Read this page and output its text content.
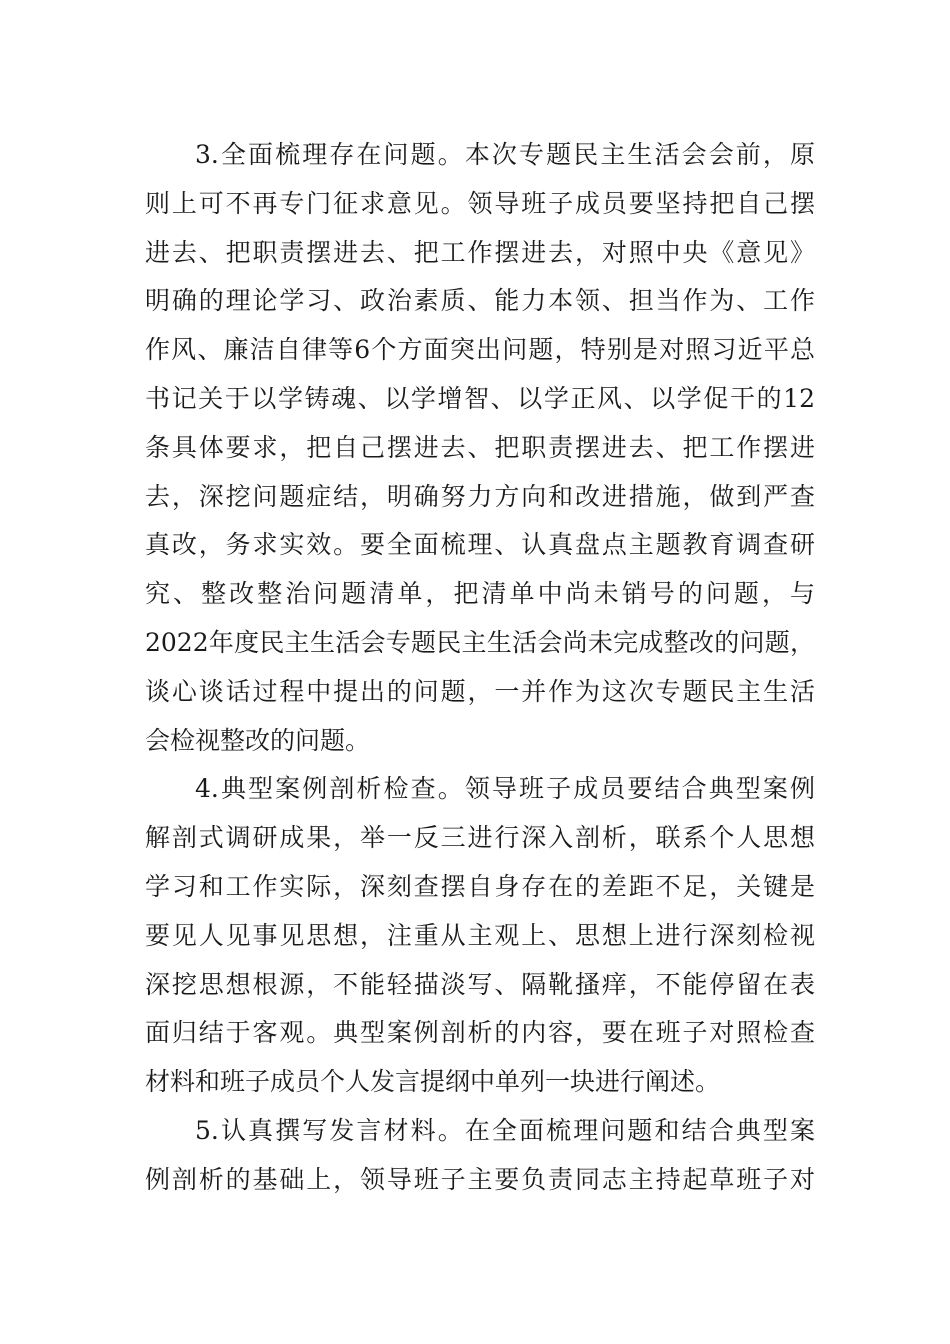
3.全面梳理存在问题。本次专题民主生活会会前，原
则上可不再专门征求意见。领导班子成员要坚持把自己摆
进去、把职责摆进去、把工作摆进去，对照中央《意见》
明确的理论学习、政治素质、能力本领、担当作为、工作
作风、廉洁自律等6个方面突出问题，特别是对照习近平总
书记关于以学铸魂、以学增智、以学正风、以学促干的12
条具体要求，把自己摆进去、把职责摆进去、把工作摆进
去，深挖问题症结，明确努力方向和改进措施，做到严查
真改，务求实效。要全面梳理、认真盘点主题教育调查研
究、整改整治问题清单，把清单中尚未销号的问题，与
2022年度民主生活会专题民主生活会尚未完成整改的问题，
谈心谈话过程中提出的问题，一并作为这次专题民主生活
会检视整改的问题。

4.典型案例剖析检查。领导班子成员要结合典型案例
解剖式调研成果，举一反三进行深入剖析，联系个人思想
学习和工作实际，深刻查摆自身存在的差距不足，关键是
要见人见事见思想，注重从主观上、思想上进行深刻检视
深挖思想根源，不能轻描淡写、隔靴搔痒，不能停留在表
面归结于客观。典型案例剖析的内容，要在班子对照检查
材料和班子成员个人发言提纲中单列一块进行阐述。

5.认真撰写发言材料。在全面梳理问题和结合典型案
例剖析的基础上，领导班子主要负责同志主持起草班子对
